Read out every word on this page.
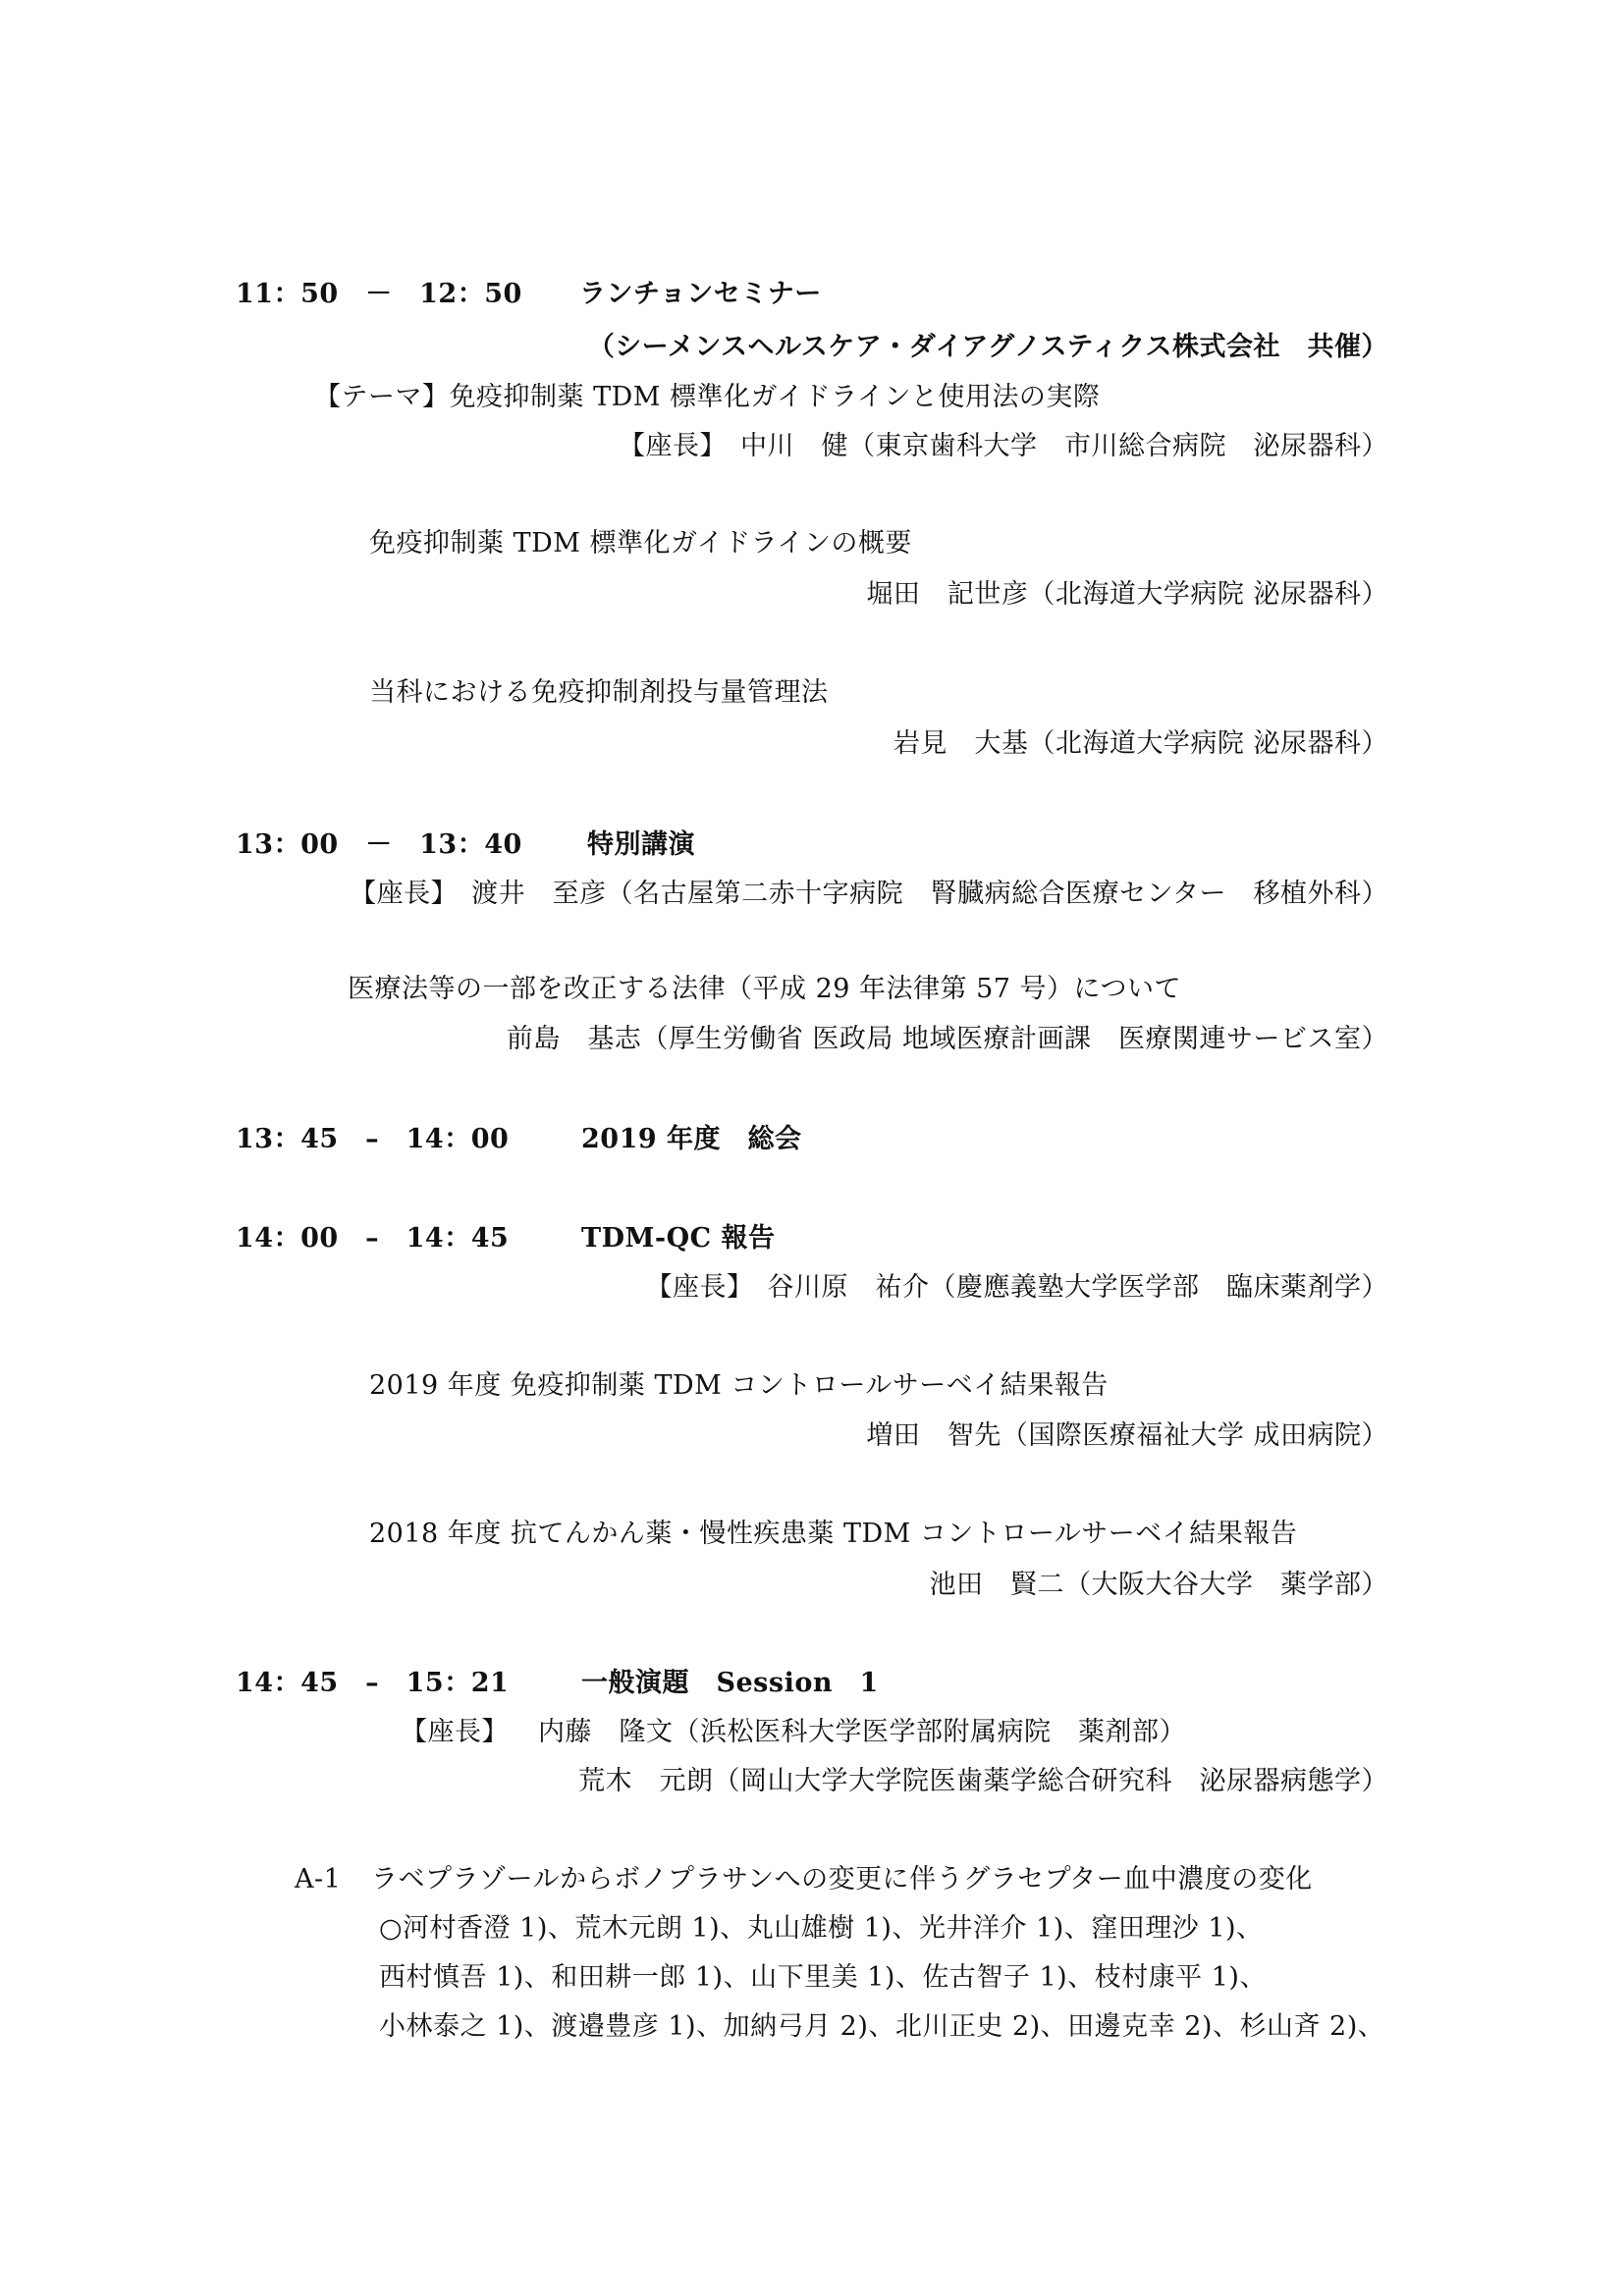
11：50　－　12：50 ランチョンセミナー
（シーメンスヘルスケア・ダイアグノスティクス株式会社　共催）
【テーマ】免疫抑制薬 TDM 標準化ガイドラインと使用法の実際
【座長】　中川　健（東京歯科大学　市川総合病院　泌尿器科）
免疫抑制薬 TDM 標準化ガイドラインの概要
堀田　記世彦（北海道大学病院 泌尿器科）
当科における免疫抑制剤投与量管理法
岩見　大基（北海道大学病院 泌尿器科）
13：00　－　13：40 特別講演
【座長】　渡井　至彦（名古屋第二赤十字病院　腎臓病総合医療センター　移植外科）
医療法等の一部を改正する法律（平成 29 年法律第 57 号）について
前島　基志（厚生労働省 医政局 地域医療計画課　医療関連サービス室）
13：45　–　14：00	2019 年度　総会
14：00　–　14：45	TDM-QC 報告
【座長】　谷川原　祐介（慶應義塾大学医学部　臨床薬剤学）
2019 年度 免疫抑制薬 TDM コントロールサーベイ結果報告
増田　智先（国際医療福祉大学 成田病院）
2018 年度 抗てんかん薬・慢性疾患薬 TDM コントロールサーベイ結果報告
池田　賢二（大阪大谷大学　薬学部）
14：45　–　15：21	一般演題　Session　1
【座長】 内藤　隆文（浜松医科大学医学部附属病院　薬剤部）
荒木　元朗（岡山大学大学院医歯薬学総合研究科　泌尿器病態学）
A-1 ラベプラゾールからボノプラサンへの変更に伴うグラセプター血中濃度の変化
○河村香澄 1)、荒木元朗 1)、丸山雄樹 1)、光井洋介 1)、窪田理沙 1)、
西村慎吾 1)、和田耕一郎 1)、山下里美 1)、佐古智子 1)、枝村康平 1)、
小林泰之 1)、渡邉豊彦 1)、加納弓月 2)、北川正史 2)、田邊克幸 2)、杉山斉 2)、
